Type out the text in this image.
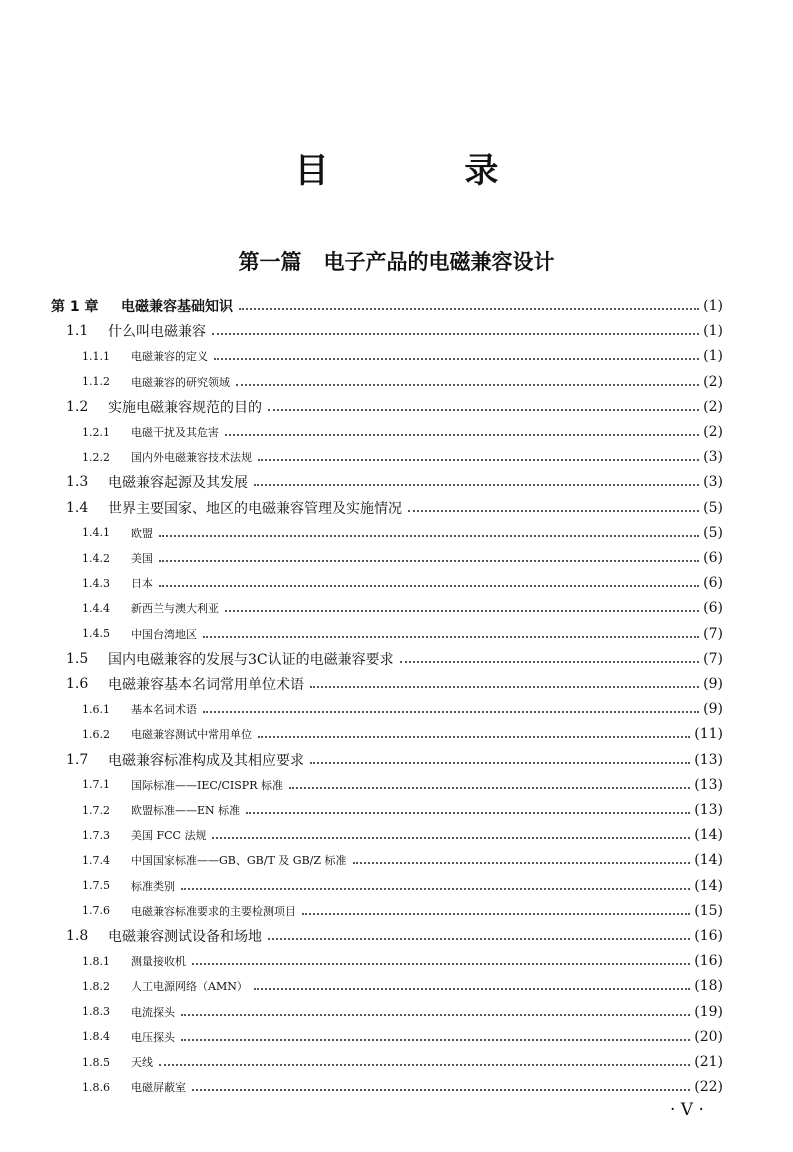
目 录
第一篇   电子产品的电磁兼容设计
第 1 章	电磁兼容基础知识	(1)
1.1	什么叫电磁兼容	(1)
1.1.1	电磁兼容的定义	(1)
1.1.2	电磁兼容的研究领域	(2)
1.2	实施电磁兼容规范的目的	(2)
1.2.1	电磁干扰及其危害	(2)
1.2.2	国内外电磁兼容技术法规	(3)
1.3	电磁兼容起源及其发展	(3)
1.4	世界主要国家、地区的电磁兼容管理及实施情况	(5)
1.4.1	欧盟	(5)
1.4.2	美国	(6)
1.4.3	日本	(6)
1.4.4	新西兰与澳大利亚	(6)
1.4.5	中国台湾地区	(7)
1.5	国内电磁兼容的发展与3C认证的电磁兼容要求	(7)
1.6	电磁兼容基本名词常用单位术语	(9)
1.6.1	基本名词术语	(9)
1.6.2	电磁兼容测试中常用单位	(11)
1.7	电磁兼容标准构成及其相应要求	(13)
1.7.1	国际标准——IEC/CISPR 标准	(13)
1.7.2	欧盟标准——EN 标准	(13)
1.7.3	美国 FCC 法规	(14)
1.7.4	中国国家标准——GB、GB/T 及 GB/Z 标准	(14)
1.7.5	标准类别	(14)
1.7.6	电磁兼容标准要求的主要检测项目	(15)
1.8	电磁兼容测试设备和场地	(16)
1.8.1	测量接收机	(16)
1.8.2	人工电源网络（AMN）	(18)
1.8.3	电流探头	(19)
1.8.4	电压探头	(20)
1.8.5	天线	(21)
1.8.6	电磁屏蔽室	(22)
· V ·
